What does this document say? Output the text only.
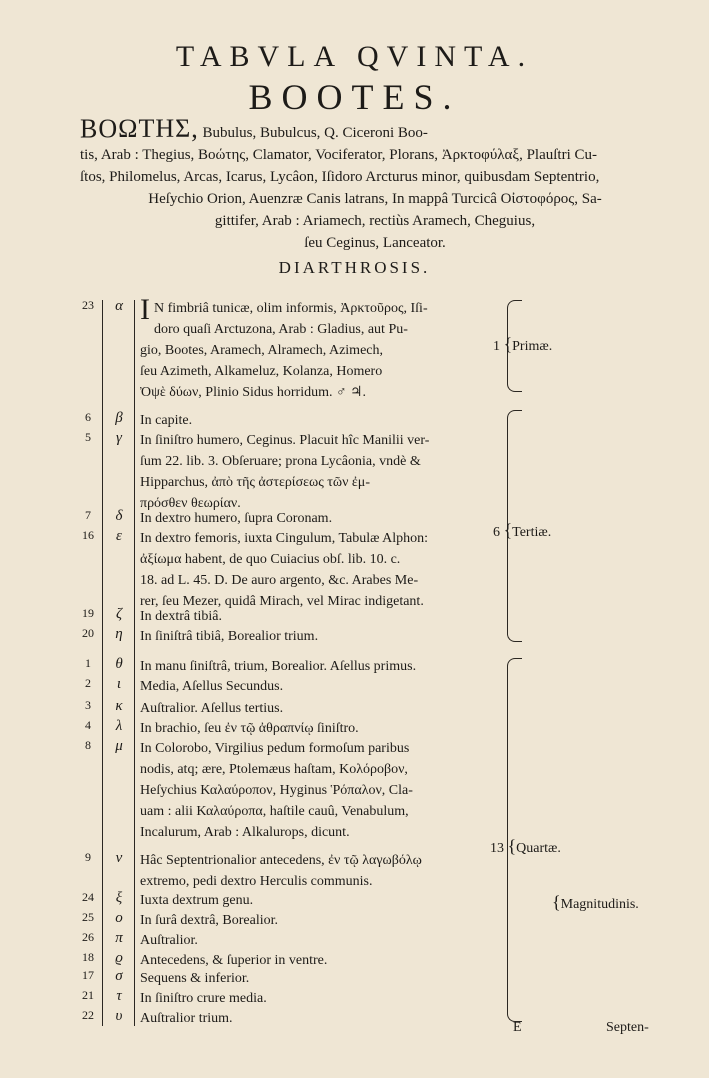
TABVLA QVINTA.
BOOTES.
ΒΟΩΤΗΣ, Bubulus, Bubulcus, Q. Ciceroni Boo-
tis, Arab : Thegius, Βοώτης, Clamator, Vociferator, Plorans, Ἀρκτοφύλαξ, Plauſtri Cu-
ſtos, Philomelus, Arcas, Icarus, Lycâon, Iſidoro Arcturus minor, quibusdam Septentrio,
Heſychio Orion, Auenzræ Canis latrans, In mappâ Turcicâ Οἰστοφόρος, Sa-
gittifer, Arab : Ariamech, rectiùs Aramech, Cheguius,
ſeu Ceginus, Lanceator.
DIARTHROSIS.
23	α I N fimbriâ tunicæ, olim informis, Ἀρκτοῦρος, Iſi-
doro quaſi Arctuzona, Arab : Gladius, aut Pu-
gio, Bootes, Aramech, Alramech, Azimech,
ſeu Azimeth, Alkameluz, Kolanza, Homero
Ὀψὲ δύων, Plinio Sidus horridum. ♂ ♃.
6	β	In capite.
5	γ	In ſiniſtro humero, Ceginus. Placuit hîc Manilii ver-
ſum 22. lib. 3. Obſeruare; prona Lycâonia, vndè &
Hipparchus, ἀπὸ τῆς ἀστερίσεως τῶν ἐμ-
πρόσθεν θεωρίαν.
7	δ	In dextro humero, ſupra Coronam.
16	ε	In dextro femoris, iuxta Cingulum, Tabulæ Alphon:
ἀξίωμα habent, de quo Cuiacius obſ. lib. 10. c.
18. ad L. 45. D. De auro argento, &c. Arabes Me-
rer, ſeu Mezer, quidâ Mirach, vel Mirac indigetant.
19	ζ	In dextrâ tibiâ.
20	η	In ſiniſtrâ tibiâ, Borealior trium.
1	θ	In manu ſiniſtrâ, trium, Borealior. Aſellus primus.
2	ι	Media, Aſellus Secundus.
3	κ	Auſtralior. Aſellus tertius.
4	λ	In brachio, ſeu ἐν τῷ ἀθραπνίῳ ſiniſtro.
8	μ	In Colorobo, Virgilius pedum formoſum paribus
nodis, atq; ære, Ptolemæus haſtam, Κολόροβον,
Heſychius Καλαύροπον, Hyginus Ῥόπαλον, Cla-
uam : alii Καλαύροπα, haſtile cauû, Venabulum,
Incalurum, Arab : Alkalurops, dicunt.
9	ν	Hâc Septentrionalior antecedens, ἐν τῷ λαγωβόλῳ
extremo, pedi dextro Herculis communis.
24	ξ	Iuxta dextrum genu.
25	ο	In ſurâ dextrâ, Borealior.
26	π	Auſtralior.
18	ϱ	Antecedens, & ſuperior in ventre.
17	σ	Sequens & inferior.
21	τ	In ſiniſtro crure media.
22	υ	Auſtralior trium.
1 {Primæ.
6 {Tertiæ.
13 {Quartæ.
{Magnitudinis.
E	Septen-
